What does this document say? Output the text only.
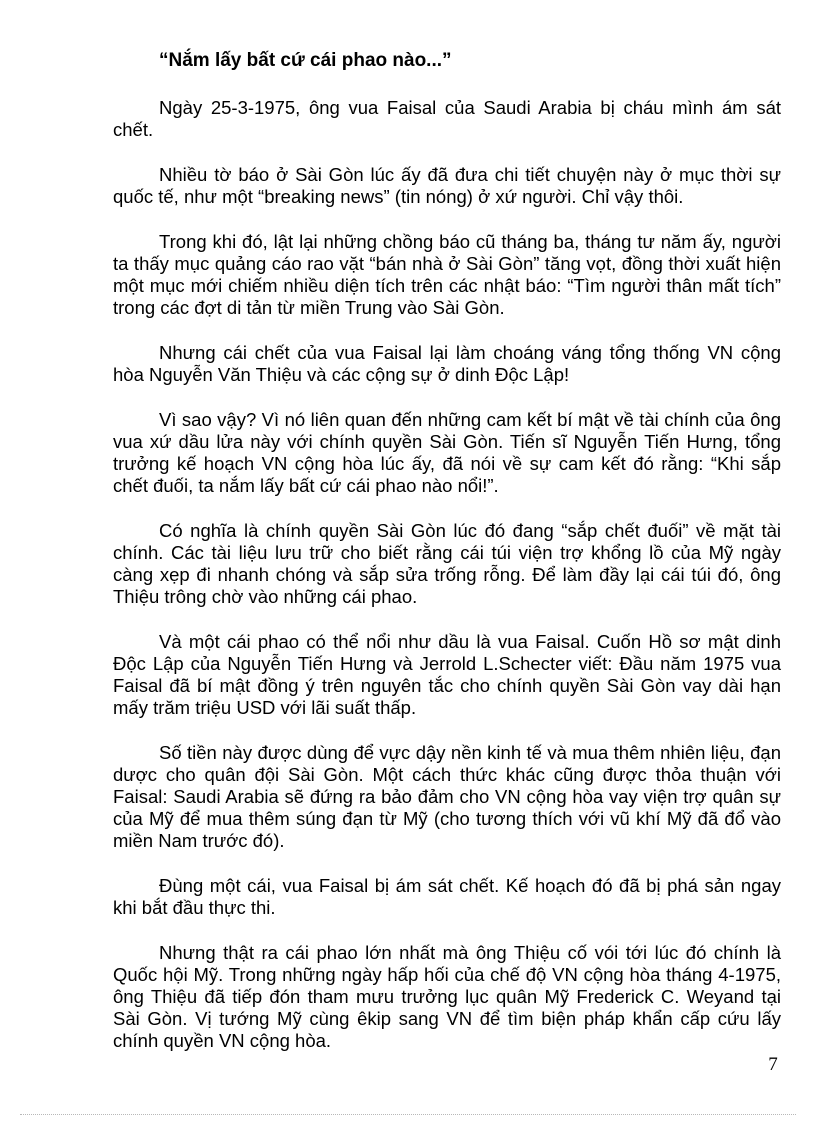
“Nắm lấy bất cứ cái phao nào...”

Ngày 25-3-1975, ông vua Faisal của Saudi Arabia bị cháu mình ám sát chết.

Nhiều tờ báo ở Sài Gòn lúc ấy đã đưa chi tiết chuyện này ở mục thời sự quốc tế, như một “breaking news” (tin nóng) ở xứ người. Chỉ vậy thôi.

Trong khi đó, lật lại những chồng báo cũ tháng ba, tháng tư năm ấy, người ta thấy mục quảng cáo rao vặt “bán nhà ở Sài Gòn” tăng vọt, đồng thời xuất hiện một mục mới chiếm nhiều diện tích trên các nhật báo: “Tìm người thân mất tích” trong các đợt di tản từ miền Trung vào Sài Gòn.

Nhưng cái chết của vua Faisal lại làm choáng váng tổng thống VN cộng hòa Nguyễn Văn Thiệu và các cộng sự ở dinh Độc Lập!

Vì sao vậy? Vì nó liên quan đến những cam kết bí mật về tài chính của ông vua xứ dầu lửa này với chính quyền Sài Gòn. Tiến sĩ Nguyễn Tiến Hưng, tổng trưởng kế hoạch VN cộng hòa lúc ấy, đã nói về sự cam kết đó rằng: “Khi sắp chết đuối, ta nắm lấy bất cứ cái phao nào nổi!”.

Có nghĩa là chính quyền Sài Gòn lúc đó đang “sắp chết đuối” về mặt tài chính. Các tài liệu lưu trữ cho biết rằng cái túi viện trợ khổng lồ của Mỹ ngày càng xẹp đi nhanh chóng và sắp sửa trống rỗng. Để làm đầy lại cái túi đó, ông Thiệu trông chờ vào những cái phao.

Và một cái phao có thể nổi như dầu là vua Faisal. Cuốn Hồ sơ mật dinh Độc Lập của Nguyễn Tiến Hưng và Jerrold L.Schecter viết: Đầu năm 1975 vua Faisal đã bí mật đồng ý trên nguyên tắc cho chính quyền Sài Gòn vay dài hạn mấy trăm triệu USD với lãi suất thấp.

Số tiền này được dùng để vực dậy nền kinh tế và mua thêm nhiên liệu, đạn dược cho quân đội Sài Gòn. Một cách thức khác cũng được thỏa thuận với Faisal: Saudi Arabia sẽ đứng ra bảo đảm cho VN cộng hòa vay viện trợ quân sự của Mỹ để mua thêm súng đạn từ Mỹ (cho tương thích với vũ khí Mỹ đã đổ vào miền Nam trước đó).

Đùng một cái, vua Faisal bị ám sát chết. Kế hoạch đó đã bị phá sản ngay khi bắt đầu thực thi.

Nhưng thật ra cái phao lớn nhất mà ông Thiệu cố vói tới lúc đó chính là Quốc hội Mỹ. Trong những ngày hấp hối của chế độ VN cộng hòa tháng 4-1975, ông Thiệu đã tiếp đón tham mưu trưởng lục quân Mỹ Frederick C. Weyand tại Sài Gòn. Vị tướng Mỹ cùng êkip sang VN để tìm biện pháp khẩn cấp cứu lấy chính quyền VN cộng hòa.

7
